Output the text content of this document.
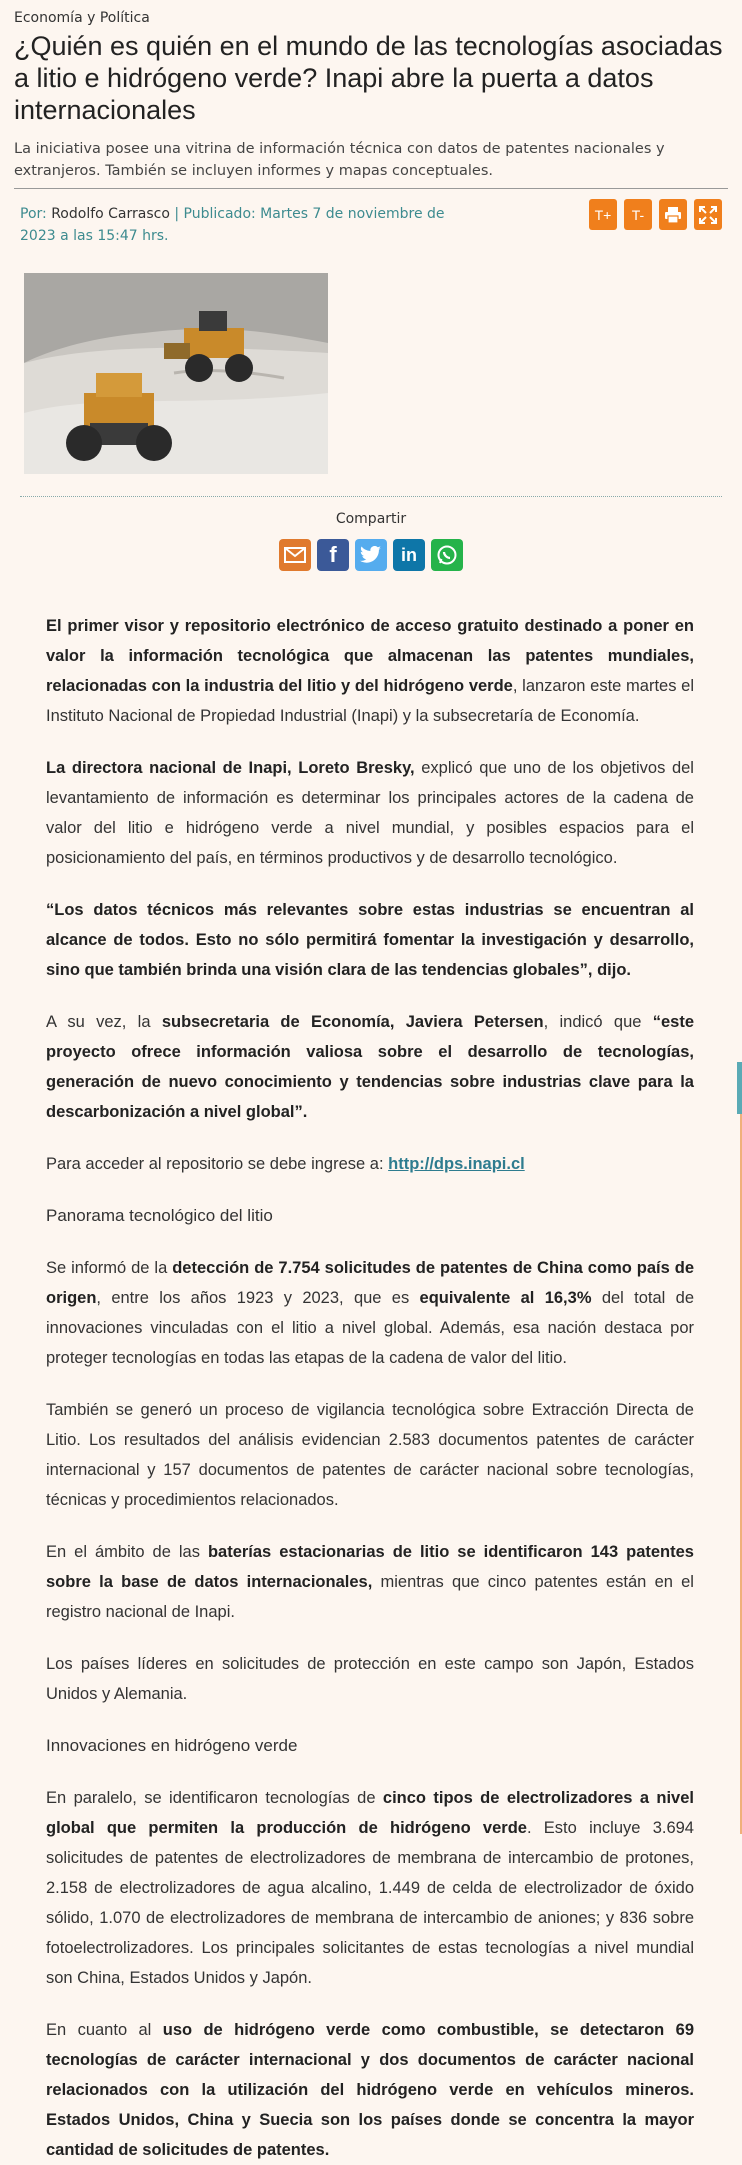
Economía y Política
¿Quién es quién en el mundo de las tecnologías asociadas a litio e hidrógeno verde? Inapi abre la puerta a datos internacionales
La iniciativa posee una vitrina de información técnica con datos de patentes nacionales y extranjeros. También se incluyen informes y mapas conceptuales.
Por: Rodolfo Carrasco | Publicado: Martes 7 de noviembre de 2023 a las 15:47 hrs.
T+	T-
Compartir
f	in

El primer visor y repositorio electrónico de acceso gratuito destinado a poner en valor la información tecnológica que almacenan las patentes mundiales, relacionadas con la industria del litio y del hidrógeno verde, lanzaron este martes el Instituto Nacional de Propiedad Industrial (Inapi) y la subsecretaría de Economía.

La directora nacional de Inapi, Loreto Bresky, explicó que uno de los objetivos del levantamiento de información es determinar los principales actores de la cadena de valor del litio e hidrógeno verde a nivel mundial, y posibles espacios para el posicionamiento del país, en términos productivos y de desarrollo tecnológico.

“Los datos técnicos más relevantes sobre estas industrias se encuentran al alcance de todos. Esto no sólo permitirá fomentar la investigación y desarrollo, sino que también brinda una visión clara de las tendencias globales”, dijo.

A su vez, la subsecretaria de Economía, Javiera Petersen, indicó que “este proyecto ofrece información valiosa sobre el desarrollo de tecnologías, generación de nuevo conocimiento y tendencias sobre industrias clave para la descarbonización a nivel global”.

Para acceder al repositorio se debe ingrese a: http://dps.inapi.cl

Panorama tecnológico del litio

Se informó de la detección de 7.754 solicitudes de patentes de China como país de origen, entre los años 1923 y 2023, que es equivalente al 16,3% del total de innovaciones vinculadas con el litio a nivel global. Además, esa nación destaca por proteger tecnologías en todas las etapas de la cadena de valor del litio.

También se generó un proceso de vigilancia tecnológica sobre Extracción Directa de Litio. Los resultados del análisis evidencian 2.583 documentos patentes de carácter internacional y 157 documentos de patentes de carácter nacional sobre tecnologías, técnicas y procedimientos relacionados.

En el ámbito de las baterías estacionarias de litio se identificaron 143 patentes sobre la base de datos internacionales, mientras que cinco patentes están en el registro nacional de Inapi.

Los países líderes en solicitudes de protección en este campo son Japón, Estados Unidos y Alemania.

Innovaciones en hidrógeno verde

En paralelo, se identificaron tecnologías de cinco tipos de electrolizadores a nivel global que permiten la producción de hidrógeno verde. Esto incluye 3.694 solicitudes de patentes de electrolizadores de membrana de intercambio de protones, 2.158 de electrolizadores de agua alcalino, 1.449 de celda de electrolizador de óxido sólido, 1.070 de electrolizadores de membrana de intercambio de aniones; y 836 sobre fotoelectrolizadores. Los principales solicitantes de estas tecnologías a nivel mundial son China, Estados Unidos y Japón.

En cuanto al uso de hidrógeno verde como combustible, se detectaron 69 tecnologías de carácter internacional y dos documentos de carácter nacional relacionados con la utilización del hidrógeno verde en vehículos mineros. Estados Unidos, China y Suecia son los países donde se concentra la mayor cantidad de solicitudes de patentes.
